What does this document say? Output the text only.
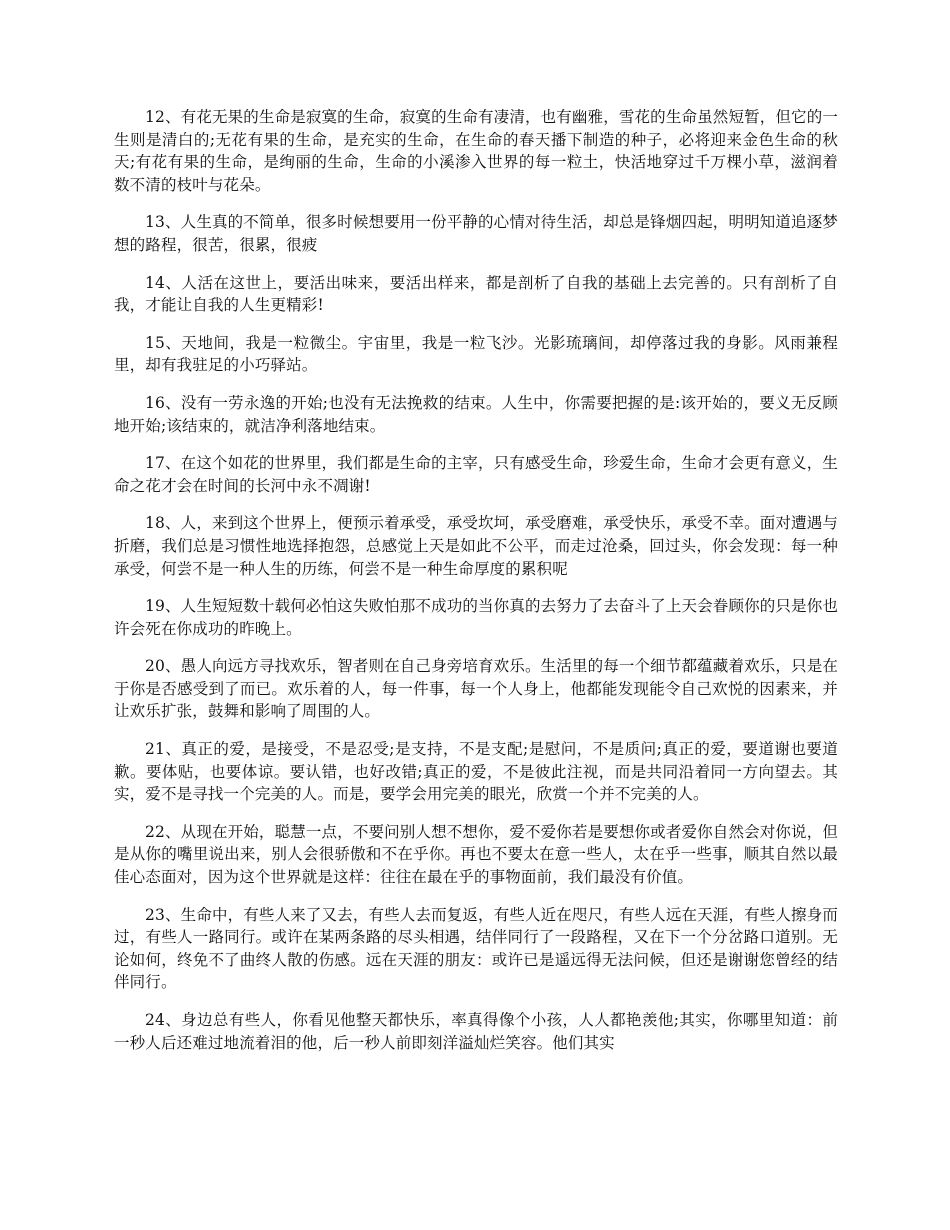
12、有花无果的生命是寂寞的生命，寂寞的生命有凄清，也有幽雅，雪花的生命虽然短暂，但它的一生则是清白的;无花有果的生命，是充实的生命，在生命的春天播下制造的种子，必将迎来金色生命的秋天;有花有果的生命，是绚丽的生命，生命的小溪渗入世界的每一粒土，快活地穿过千万棵小草，滋润着数不清的枝叶与花朵。

13、人生真的不简单，很多时候想要用一份平静的心情对待生活，却总是锋烟四起，明明知道追逐梦想的路程，很苦，很累，很疲

14、人活在这世上，要活出味来，要活出样来，都是剖析了自我的基础上去完善的。只有剖析了自我，才能让自我的人生更精彩!

15、天地间，我是一粒微尘。宇宙里，我是一粒飞沙。光影琉璃间，却停落过我的身影。风雨兼程里，却有我驻足的小巧驿站。

16、没有一劳永逸的开始;也没有无法挽救的结束。人生中，你需要把握的是:该开始的，要义无反顾地开始;该结束的，就洁净利落地结束。

17、在这个如花的世界里，我们都是生命的主宰，只有感受生命，珍爱生命，生命才会更有意义，生命之花才会在时间的长河中永不凋谢!

18、人，来到这个世界上，便预示着承受，承受坎坷，承受磨难，承受快乐，承受不幸。面对遭遇与折磨，我们总是习惯性地选择抱怨，总感觉上天是如此不公平，而走过沧桑，回过头，你会发现：每一种承受，何尝不是一种人生的历练，何尝不是一种生命厚度的累积呢

19、人生短短数十载何必怕这失败怕那不成功的当你真的去努力了去奋斗了上天会眷顾你的只是你也许会死在你成功的昨晚上。

20、愚人向远方寻找欢乐，智者则在自己身旁培育欢乐。生活里的每一个细节都蕴藏着欢乐，只是在于你是否感受到了而已。欢乐着的人，每一件事，每一个人身上，他都能发现能令自己欢悦的因素来，并让欢乐扩张，鼓舞和影响了周围的人。

21、真正的爱，是接受，不是忍受;是支持，不是支配;是慰问，不是质问;真正的爱，要道谢也要道歉。要体贴，也要体谅。要认错，也好改错;真正的爱，不是彼此注视，而是共同沿着同一方向望去。其实，爱不是寻找一个完美的人。而是，要学会用完美的眼光，欣赏一个并不完美的人。

22、从现在开始，聪慧一点，不要问别人想不想你，爱不爱你若是要想你或者爱你自然会对你说，但是从你的嘴里说出来，别人会很骄傲和不在乎你。再也不要太在意一些人，太在乎一些事，顺其自然以最佳心态面对，因为这个世界就是这样：往往在最在乎的事物面前，我们最没有价值。

23、生命中，有些人来了又去，有些人去而复返，有些人近在咫尺，有些人远在天涯，有些人擦身而过，有些人一路同行。或许在某两条路的尽头相遇，结伴同行了一段路程，又在下一个分岔路口道别。无论如何，终免不了曲终人散的伤感。远在天涯的朋友：或许已是遥远得无法问候，但还是谢谢您曾经的结伴同行。

24、身边总有些人，你看见他整天都快乐，率真得像个小孩，人人都艳羡他;其实，你哪里知道：前一秒人后还难过地流着泪的他，后一秒人前即刻洋溢灿烂笑容。他们其实
